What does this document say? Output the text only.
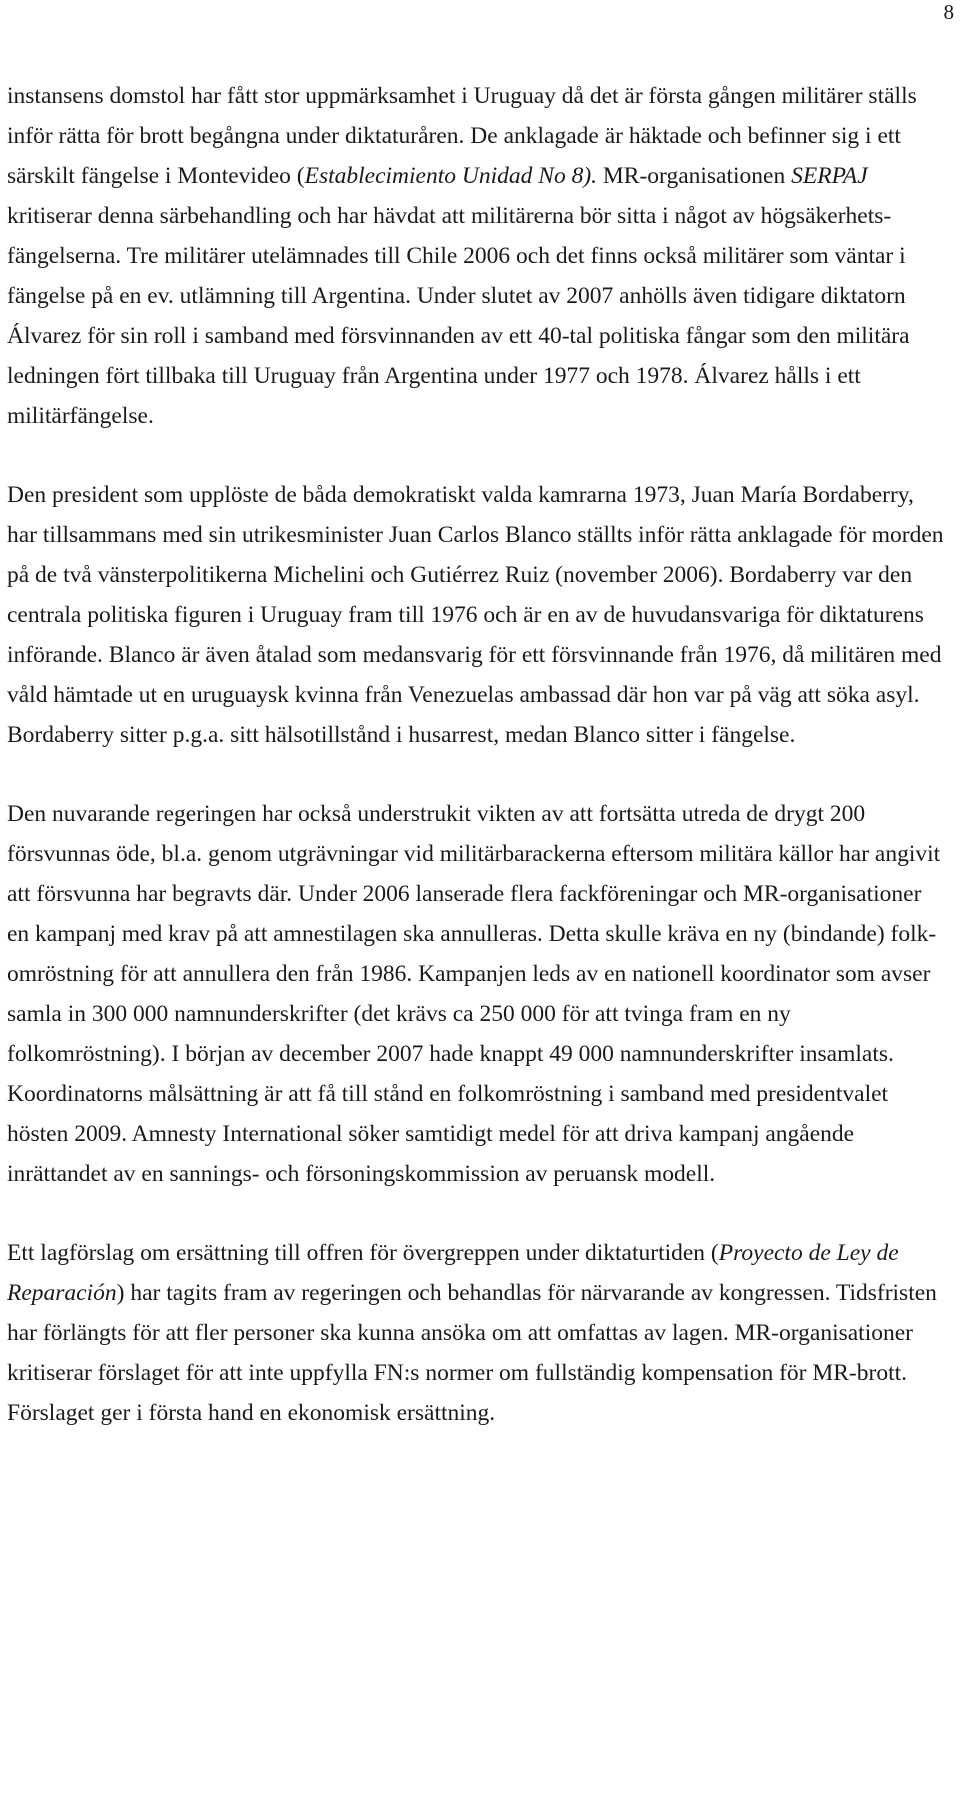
8

instansens domstol har fått stor uppmärksamhet i Uruguay då det är första gången militärer ställs inför rätta för brott begångna under diktaturåren. De anklagade är häktade och befinner sig i ett särskilt fängelse i Montevideo (Establecimiento Unidad No 8). MR-organisationen SERPAJ kritiserar denna särbehandling och har hävdat att militärerna bör sitta i något av högsäkerhets-fängelserna. Tre militärer utelämnades till Chile 2006 och det finns också militärer som väntar i fängelse på en ev. utlämning till Argentina. Under slutet av 2007 anhölls även tidigare diktatorn Álvarez för sin roll i samband med försvinnanden av ett 40-tal politiska fångar som den militära ledningen fört tillbaka till Uruguay från Argentina under 1977 och 1978. Álvarez hålls i ett militärfängelse.

Den president som upplöste de båda demokratiskt valda kamrarna 1973, Juan María Bordaberry, har tillsammans med sin utrikesminister Juan Carlos Blanco ställts inför rätta anklagade för morden på de två vänsterpolitikerna Michelini och Gutiérrez Ruiz (november 2006). Bordaberry var den centrala politiska figuren i Uruguay fram till 1976 och är en av de huvudansvariga för diktaturens införande. Blanco är även åtalad som medansvarig för ett försvinnande från 1976, då militären med våld hämtade ut en uruguaysk kvinna från Venezuelas ambassad där hon var på väg att söka asyl. Bordaberry sitter p.g.a. sitt hälsotillstånd i husarrest, medan Blanco sitter i fängelse.

Den nuvarande regeringen har också understrukit vikten av att fortsätta utreda de drygt 200 försvunnas öde, bl.a. genom utgrävningar vid militärbarackerna eftersom militära källor har angivit att försvunna har begravts där. Under 2006 lanserade flera fackföreningar och MR-organisationer en kampanj med krav på att amnestilagen ska annulleras. Detta skulle kräva en ny (bindande) folk-omröstning för att annullera den från 1986. Kampanjen leds av en nationell koordinator som avser samla in 300 000 namnunderskrifter (det krävs ca 250 000 för att tvinga fram en ny folkomröstning). I början av december 2007 hade knappt 49 000 namnunderskrifter insamlats. Koordinatorns målsättning är att få till stånd en folkomröstning i samband med presidentvalet hösten 2009. Amnesty International söker samtidigt medel för att driva kampanj angående inrättandet av en sannings- och försoningskommission av peruansk modell.

Ett lagförslag om ersättning till offren för övergreppen under diktaturtiden (Proyecto de Ley de Reparación) har tagits fram av regeringen och behandlas för närvarande av kongressen. Tidsfristen har förlängts för att fler personer ska kunna ansöka om att omfattas av lagen. MR-organisationer kritiserar förslaget för att inte uppfylla FN:s normer om fullständig kompensation för MR-brott. Förslaget ger i första hand en ekonomisk ersättning.
